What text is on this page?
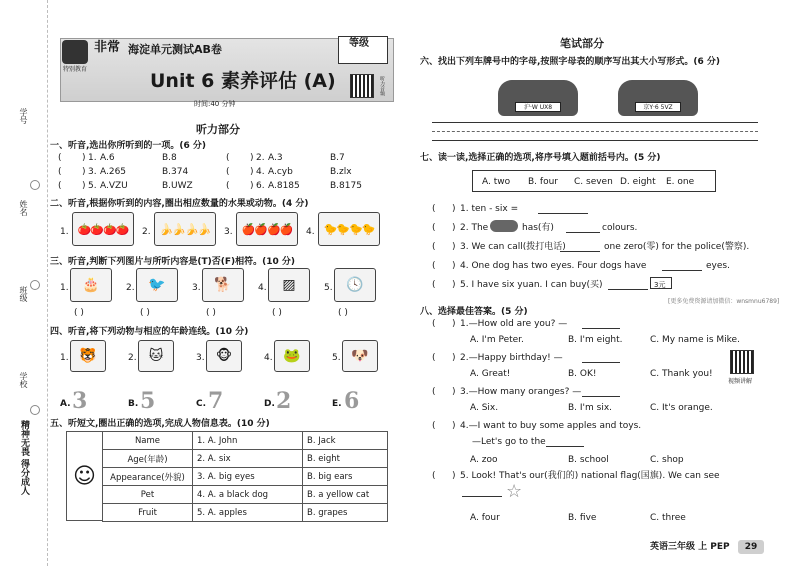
学号
姓名
班级
学校
精神无畏 得分成人
特别教育
非常 海淀单元测试AB卷	等级
Unit 6 素养评估 (A)
时间:40 分钟
听力音频
听力部分
一、听音,选出你所听到的一项。(6 分)
( ) 1. A.6	B.8	( ) 2. A.3	B.7
( ) 3. A.265	B.374	( ) 4. A.cyb	B.zlx
( ) 5. A.VZU	B.UWZ	( ) 6. A.8185	B.8175
二、听音,根据你听到的内容,圈出相应数量的水果或动物。(4 分)
1. 🍅🍅🍅🍅 2. 🍌🍌🍌🍌 3. 🍎🍎🍎🍎 4. 🐤🐤🐤🐤
三、听音,判断下列图片与所听内容是(T)否(F)相符。(10 分)
1. 🎂
( )
2. 🐦
( )
3. 🐕
( )
4. ▨
( )
5. 🕓
( )
四、听音,将下列动物与相应的年龄连线。(10 分)
1. 🐯	2. 🐱	3. 🐵	4. 🐸	5. 🐶
A. 3	B. 5	C. 7	D. 2	E. 6
五、听短文,圈出正确的选项,完成人物信息表。(10 分)
☺
Name	1. A. John	B. Jack
Age(年龄)	2. A. six	B. eight
Appearance(外貌)	3. A. big eyes	B. big ears
Pet	4. A. a black dog	B. a yellow cat
Fruit	5. A. apples	B. grapes
笔试部分
六、找出下列车牌号中的字母,按照字母表的顺序写出其大小写形式。(6 分)
沪·W UX8	京Y·6 5VZ
七、读一读,选择正确的选项,将序号填入题前括号内。(5 分)
A. two B. four C. seven D. eight E. one
( ) 1. ten - six =
( ) 2. The	has(有)	colours.
( ) 3. We can call(拨打电话)	one zero(零) for the police(警察).
( ) 4. One dog has two eyes. Four dogs have	eyes.
( ) 5. I have six yuan. I can buy(买)	3元
[更多免费资源请加微信：wnsmnu6789]
八、选择最佳答案。(5 分)
( ) 1.—How old are you? —
A. I'm Peter.	B. I'm eight.	C. My name is Mike.
( ) 2.—Happy birthday! —
A. Great!	B. OK!	C. Thank you!
( ) 3.—How many oranges? —
A. Six.	B. I'm six.	C. It's orange.
( ) 4.—I want to buy some apples and toys.
—Let's go to the
A. zoo	B. school	C. shop
( ) 5. Look! That's our(我们的) national flag(国旗). We can see
☆
A. four	B. five	C. three
视频讲解
英语三年级 上 PEP	29
